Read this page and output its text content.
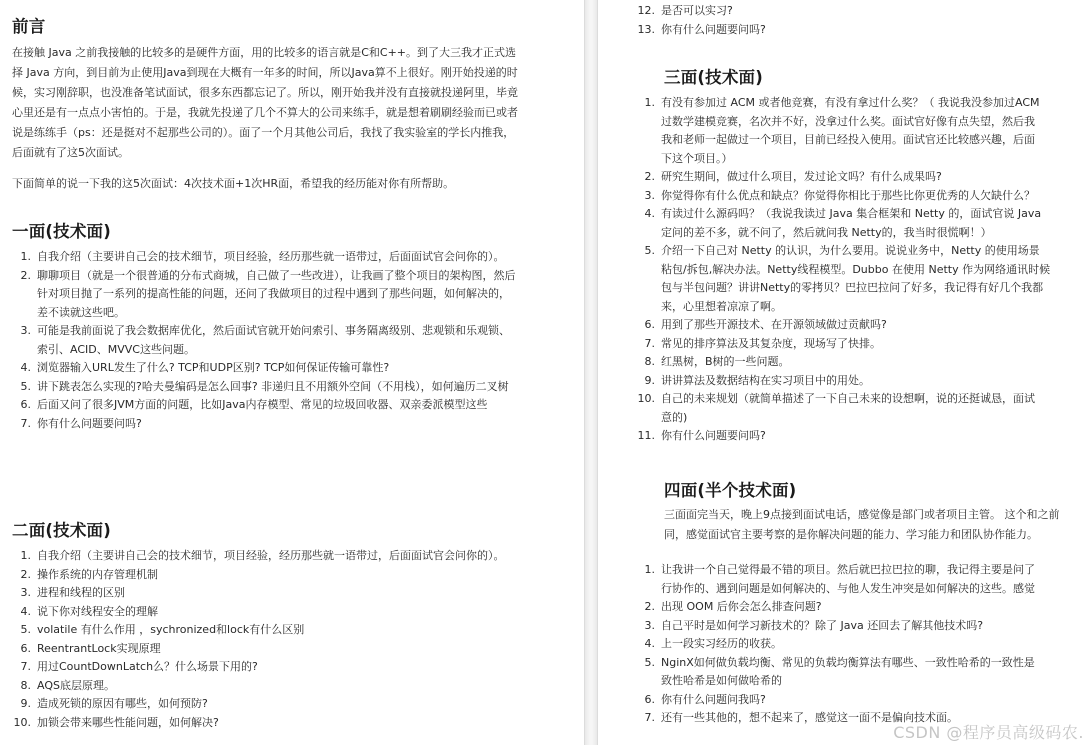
前言

在接触 Java 之前我接触的比较多的是硬件方面，用的比较多的语言就是C和C++。到了大三我才正式选择 Java 方向，到目前为止使用Java到现在大概有一年多的时间，所以Java算不上很好。刚开始投递的时候，实习刚辞职，也没准备笔试面试，很多东西都忘记了。所以，刚开始我并没有直接就投递阿里，毕竟心里还是有一点点小害怕的。于是，我就先投递了几个不算大的公司来练手，就是想着刷刷经验而已或者说是练练手（ps：还是挺对不起那些公司的）。面了一个月其他公司后，我找了我实验室的学长内推我，后面就有了这5次面试。

下面简单的说一下我的这5次面试：4次技术面+1次HR面，希望我的经历能对你有所帮助。

一面(技术面)
1. 自我介绍（主要讲自己会的技术细节，项目经验，经历那些就一语带过，后面面试官会问你的）。
2. 聊聊项目（就是一个很普通的分布式商城，自己做了一些改进），让我画了整个项目的架构图，然后针对项目抛了一系列的提高性能的问题，还问了我做项目的过程中遇到了那些问题，如何解决的，差不读就这些吧。
3. 可能是我前面说了我会数据库优化，然后面试官就开始问索引、事务隔离级别、悲观锁和乐观锁、索引、ACID、MVVC这些问题。
4. 浏览器输入URL发生了什么? TCP和UDP区别? TCP如何保证传输可靠性?
5. 讲下跳表怎么实现的?哈夫曼编码是怎么回事? 非递归且不用额外空间（不用栈），如何遍历二叉树
6. 后面又问了很多JVM方面的问题，比如Java内存模型、常见的垃圾回收器、双亲委派模型这些
7. 你有什么问题要问吗?
二面(技术面)
1. 自我介绍（主要讲自己会的技术细节，项目经验，经历那些就一语带过，后面面试官会问你的）。
2. 操作系统的内存管理机制
3. 进程和线程的区别
4. 说下你对线程安全的理解
5. volatile 有什么作用 ，sychronized和lock有什么区别
6. ReentrantLock实现原理
7. 用过CountDownLatch么？什么场景下用的?
8. AQS底层原理。
9. 造成死锁的原因有哪些，如何预防?
10. 加锁会带来哪些性能问题，如何解决?
12. 是否可以实习?
13. 你有什么问题要问吗?
三面(技术面)
1. 有没有参加过 ACM 或者他竞赛，有没有拿过什么奖？（ 我说我没参加过ACM
过数学建模竞赛，名次并不好，没拿过什么奖。面试官好像有点失望，然后我
我和老师一起做过一个项目，目前已经投入使用。面试官还比较感兴趣，后面
下这个项目。）
2. 研究生期间，做过什么项目，发过论文吗？有什么成果吗?
3. 你觉得你有什么优点和缺点？你觉得你相比于那些比你更优秀的人欠缺什么？
4. 有读过什么源码吗？（我说我读过 Java 集合框架和 Netty 的，面试官说 Java
定问的差不多，就不问了，然后就问我 Netty的，我当时很慌啊！）
5. 介绍一下自己对 Netty 的认识，为什么要用。说说业务中，Netty 的使用场景
粘包/拆包,解决办法。Netty线程模型。Dubbo 在使用 Netty 作为网络通讯时候
包与半包问题？讲讲Netty的零拷贝？巴拉巴拉问了好多，我记得有好几个我都
来，心里想着凉凉了啊。
6. 用到了那些开源技术、在开源领域做过贡献吗?
7. 常见的排序算法及其复杂度，现场写了快排。
8. 红黑树，B树的一些问题。
9. 讲讲算法及数据结构在实习项目中的用处。
10. 自己的未来规划（就简单描述了一下自己未来的设想啊，说的还挺诚恳，面试
意的)
11. 你有什么问题要问吗?
四面(半个技术面)

三面面完当天，晚上9点接到面试电话，感觉像是部门或者项目主管。 这个和之前

同，感觉面试官主要考察的是你解决问题的能力、学习能力和团队协作能力。

1. 让我讲一个自己觉得最不错的项目。然后就巴拉巴拉的聊，我记得主要是问了
行协作的、遇到问题是如何解决的、与他人发生冲突是如何解决的这些。感觉
2. 出现 OOM 后你会怎么排查问题?
3. 自己平时是如何学习新技术的？除了 Java 还回去了解其他技术吗?
4. 上一段实习经历的收获。
5. NginX如何做负载均衡、常见的负载均衡算法有哪些、一致性哈希的一致性是
致性哈希是如何做哈希的
6. 你有什么问题问我吗?
7. 还有一些其他的，想不起来了，感觉这一面不是偏向技术面。
CSDN @程序员高级码农.
